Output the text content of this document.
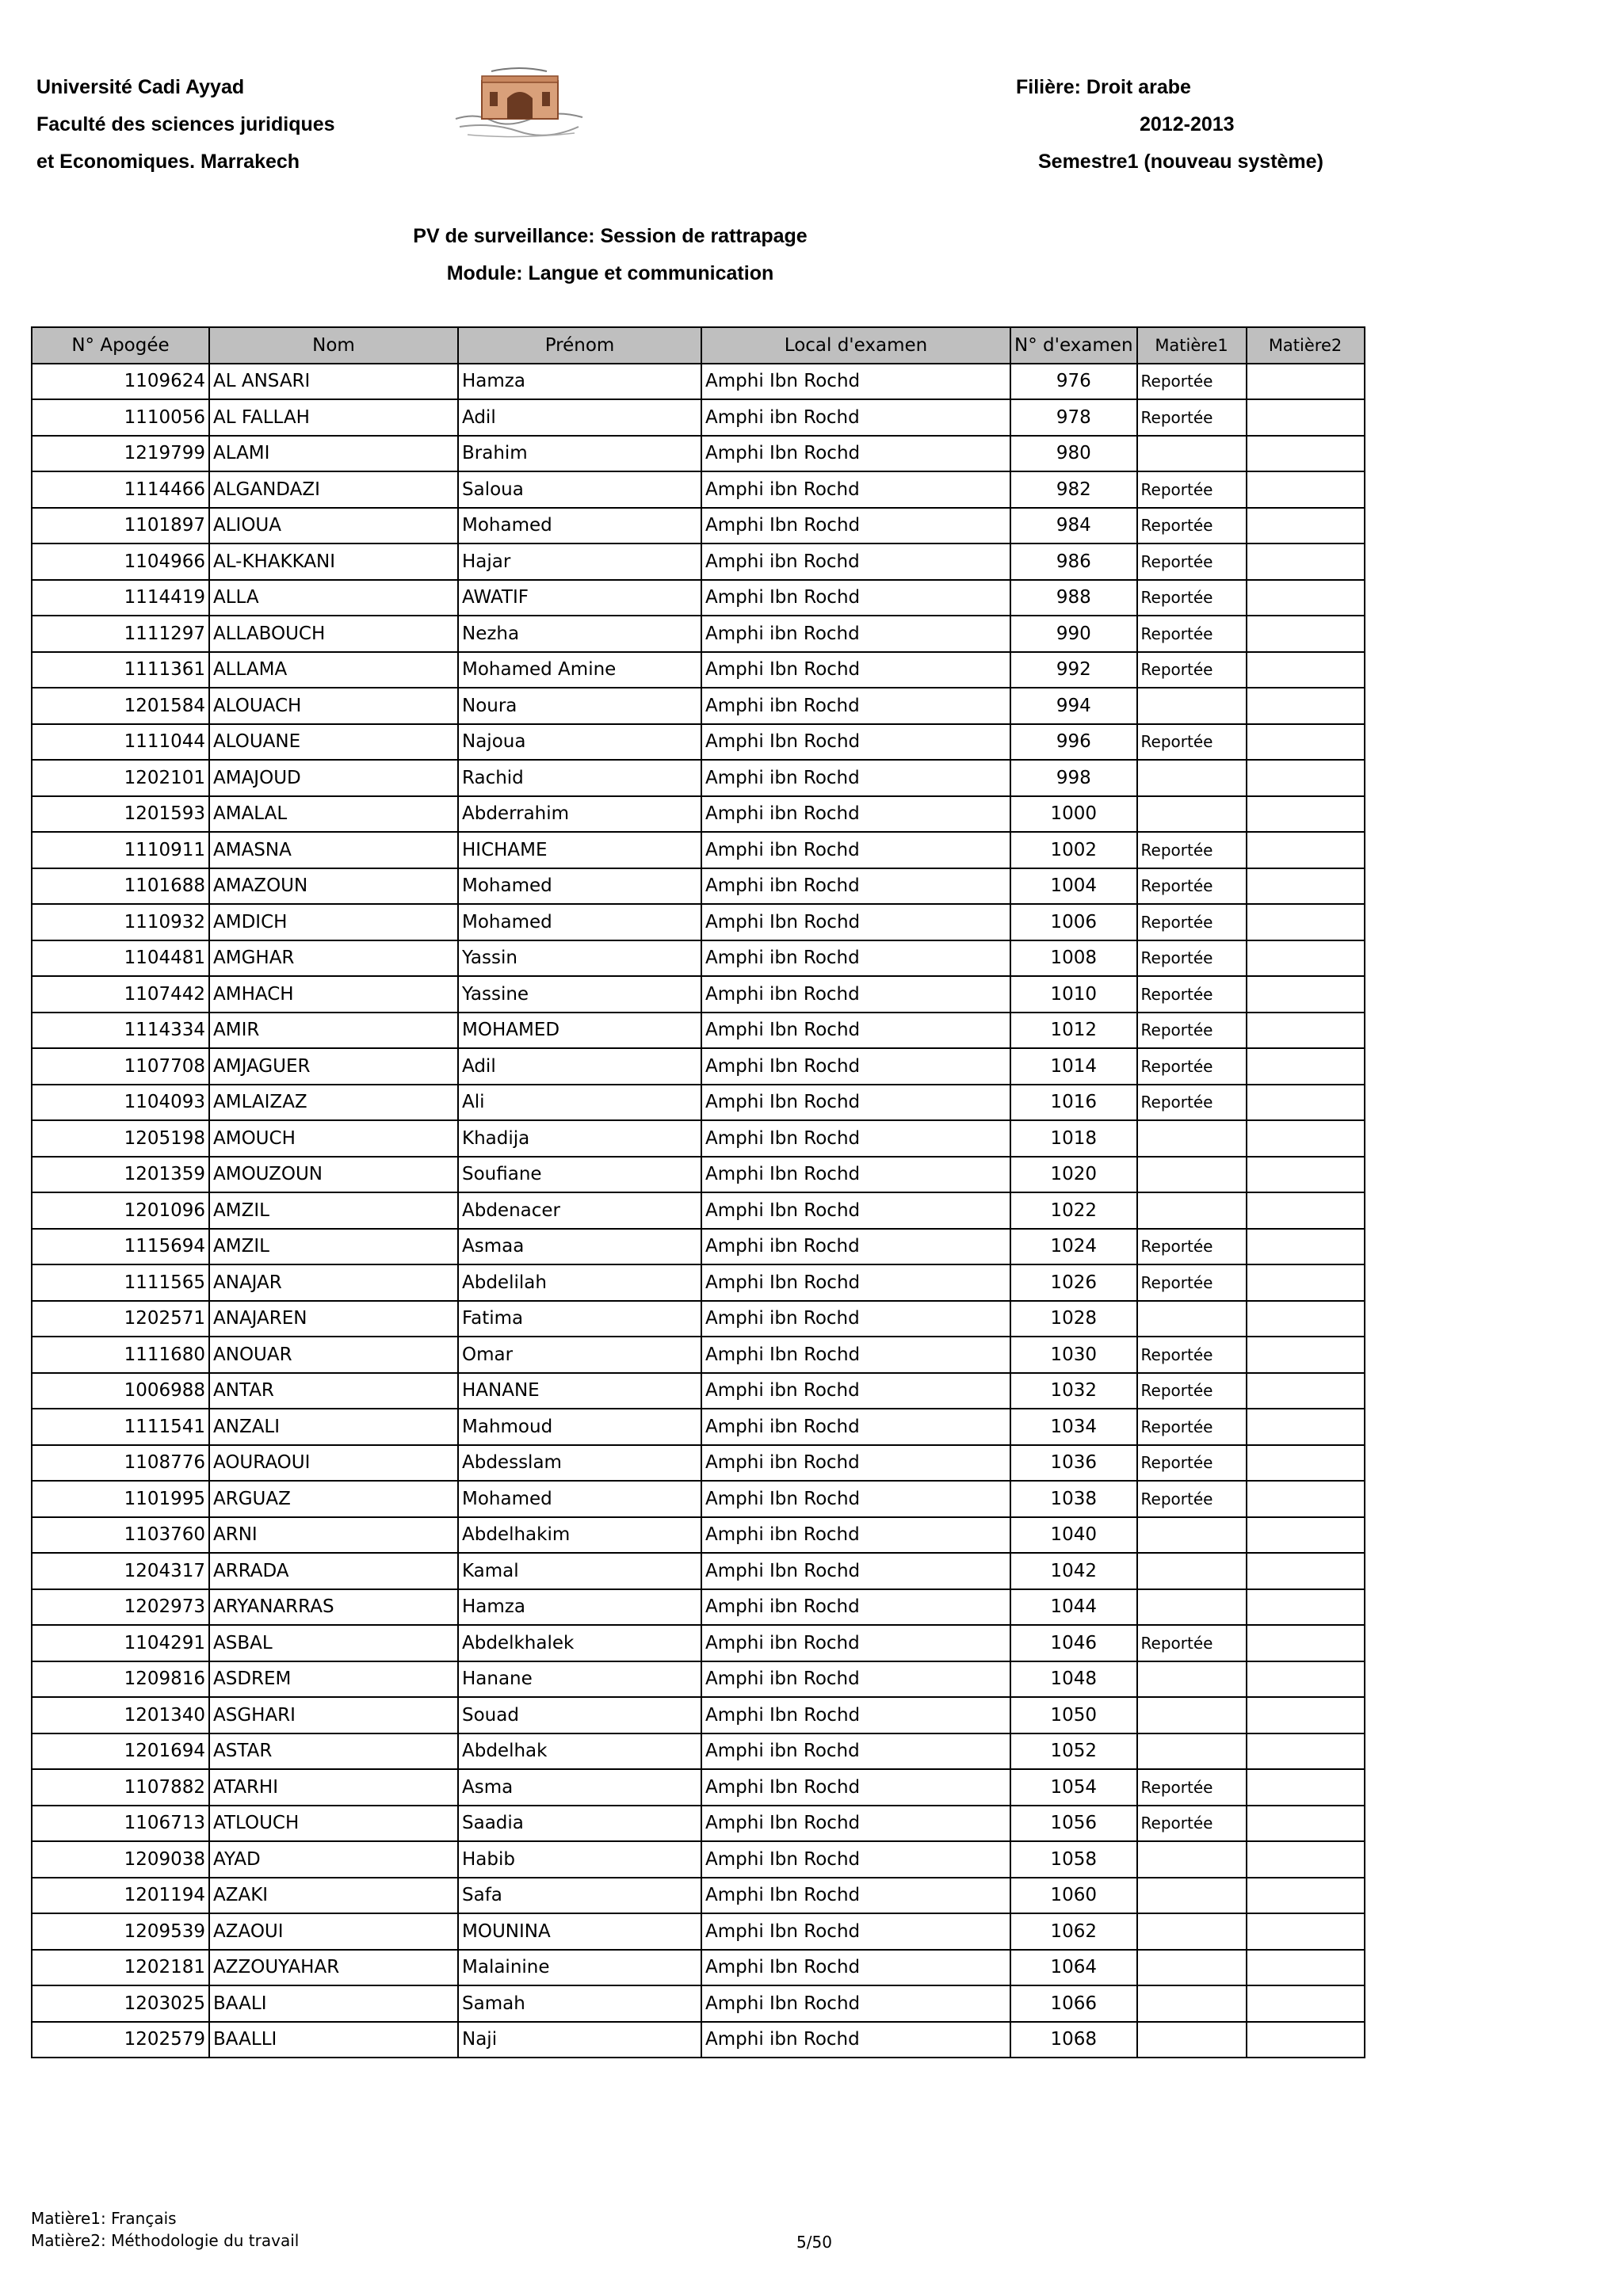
Université Cadi Ayyad
Faculté des sciences juridiques
et Economiques. Marrakech
Filière: Droit arabe
2012-2013
Semestre1 (nouveau système)
PV de surveillance: Session de rattrapage
Module: Langue et communication
N° Apogée	Nom	Prénom	Local d'examen	N° d'examen	Matière1	Matière2
1109624	AL ANSARI	Hamza	Amphi Ibn Rochd	976	Reportée	
1110056	AL FALLAH	Adil	Amphi ibn Rochd	978	Reportée	
1219799	ALAMI	Brahim	Amphi Ibn Rochd	980		
1114466	ALGANDAZI	Saloua	Amphi ibn Rochd	982	Reportée	
1101897	ALIOUA	Mohamed	Amphi Ibn Rochd	984	Reportée	
1104966	AL-KHAKKANI	Hajar	Amphi ibn Rochd	986	Reportée	
1114419	ALLA	AWATIF	Amphi Ibn Rochd	988	Reportée	
1111297	ALLABOUCH	Nezha	Amphi ibn Rochd	990	Reportée	
1111361	ALLAMA	Mohamed Amine	Amphi Ibn Rochd	992	Reportée	
1201584	ALOUACH	Noura	Amphi ibn Rochd	994		
1111044	ALOUANE	Najoua	Amphi Ibn Rochd	996	Reportée	
1202101	AMAJOUD	Rachid	Amphi ibn Rochd	998		
1201593	AMALAL	Abderrahim	Amphi ibn Rochd	1000		
1110911	AMASNA	HICHAME	Amphi ibn Rochd	1002	Reportée	
1101688	AMAZOUN	Mohamed	Amphi ibn Rochd	1004	Reportée	
1110932	AMDICH	Mohamed	Amphi Ibn Rochd	1006	Reportée	
1104481	AMGHAR	Yassin	Amphi ibn Rochd	1008	Reportée	
1107442	AMHACH	Yassine	Amphi ibn Rochd	1010	Reportée	
1114334	AMIR	MOHAMED	Amphi Ibn Rochd	1012	Reportée	
1107708	AMJAGUER	Adil	Amphi Ibn Rochd	1014	Reportée	
1104093	AMLAIZAZ	Ali	Amphi Ibn Rochd	1016	Reportée	
1205198	AMOUCH	Khadija	Amphi Ibn Rochd	1018		
1201359	AMOUZOUN	Soufiane	Amphi Ibn Rochd	1020		
1201096	AMZIL	Abdenacer	Amphi Ibn Rochd	1022		
1115694	AMZIL	Asmaa	Amphi ibn Rochd	1024	Reportée	
1111565	ANAJAR	Abdelilah	Amphi Ibn Rochd	1026	Reportée	
1202571	ANAJAREN	Fatima	Amphi ibn Rochd	1028		
1111680	ANOUAR	Omar	Amphi Ibn Rochd	1030	Reportée	
1006988	ANTAR	HANANE	Amphi ibn Rochd	1032	Reportée	
1111541	ANZALI	Mahmoud	Amphi ibn Rochd	1034	Reportée	
1108776	AOURAOUI	Abdesslam	Amphi ibn Rochd	1036	Reportée	
1101995	ARGUAZ	Mohamed	Amphi Ibn Rochd	1038	Reportée	
1103760	ARNI	Abdelhakim	Amphi ibn Rochd	1040		
1204317	ARRADA	Kamal	Amphi Ibn Rochd	1042		
1202973	ARYANARRAS	Hamza	Amphi ibn Rochd	1044		
1104291	ASBAL	Abdelkhalek	Amphi ibn Rochd	1046	Reportée	
1209816	ASDREM	Hanane	Amphi ibn Rochd	1048		
1201340	ASGHARI	Souad	Amphi Ibn Rochd	1050		
1201694	ASTAR	Abdelhak	Amphi ibn Rochd	1052		
1107882	ATARHI	Asma	Amphi Ibn Rochd	1054	Reportée	
1106713	ATLOUCH	Saadia	Amphi Ibn Rochd	1056	Reportée	
1209038	AYAD	Habib	Amphi Ibn Rochd	1058		
1201194	AZAKI	Safa	Amphi Ibn Rochd	1060		
1209539	AZAOUI	MOUNINA	Amphi Ibn Rochd	1062		
1202181	AZZOUYAHAR	Malainine	Amphi Ibn Rochd	1064		
1203025	BAALI	Samah	Amphi Ibn Rochd	1066		
1202579	BAALLI	Naji	Amphi ibn Rochd	1068		
Matière1: Français
Matière2: Méthodologie du travail	5/50
